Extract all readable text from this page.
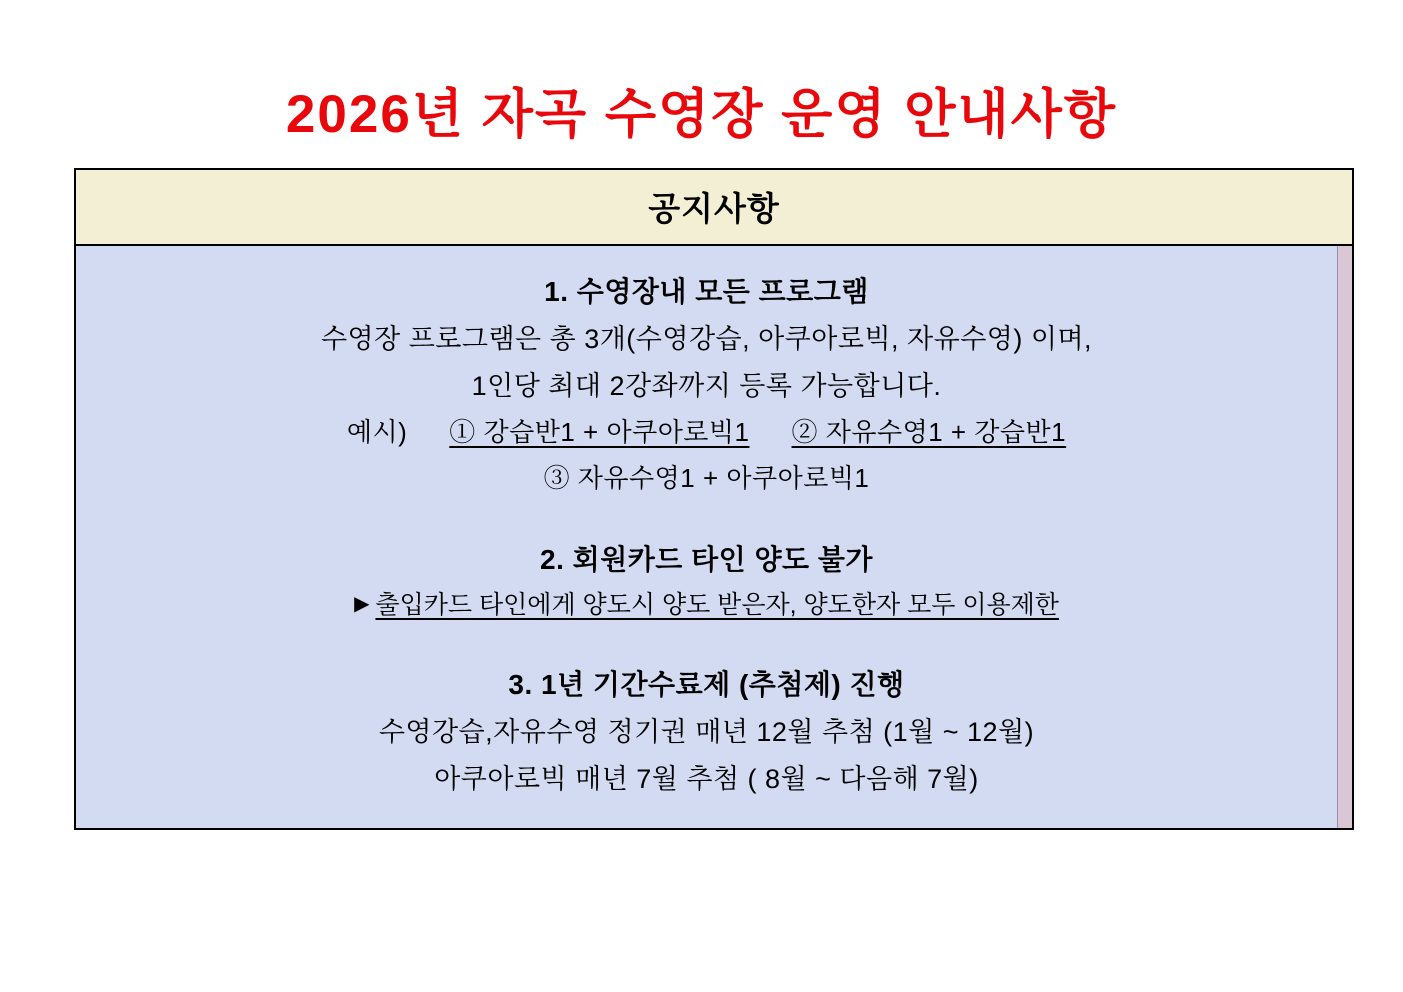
2026년 자곡 수영장 운영 안내사항
공지사항
1. 수영장내 모든 프로그램
수영장 프로그램은 총 3개(수영강습, 아쿠아로빅, 자유수영) 이며,
1인당 최대 2강좌까지 등록 가능합니다.
예시) ① 강습반1 + 아쿠아로빅1 ② 자유수영1 + 강습반1
③ 자유수영1 + 아쿠아로빅1

2. 회원카드 타인 양도 불가
▶ 출입카드 타인에게 양도시 양도 받은자, 양도한자 모두 이용제한

3. 1년 기간수료제 (추첨제) 진행
수영강습,자유수영 정기권 매년 12월 추첨 (1월 ~ 12월)
아쿠아로빅 매년 7월 추첨 ( 8월 ~ 다음해 7월)
